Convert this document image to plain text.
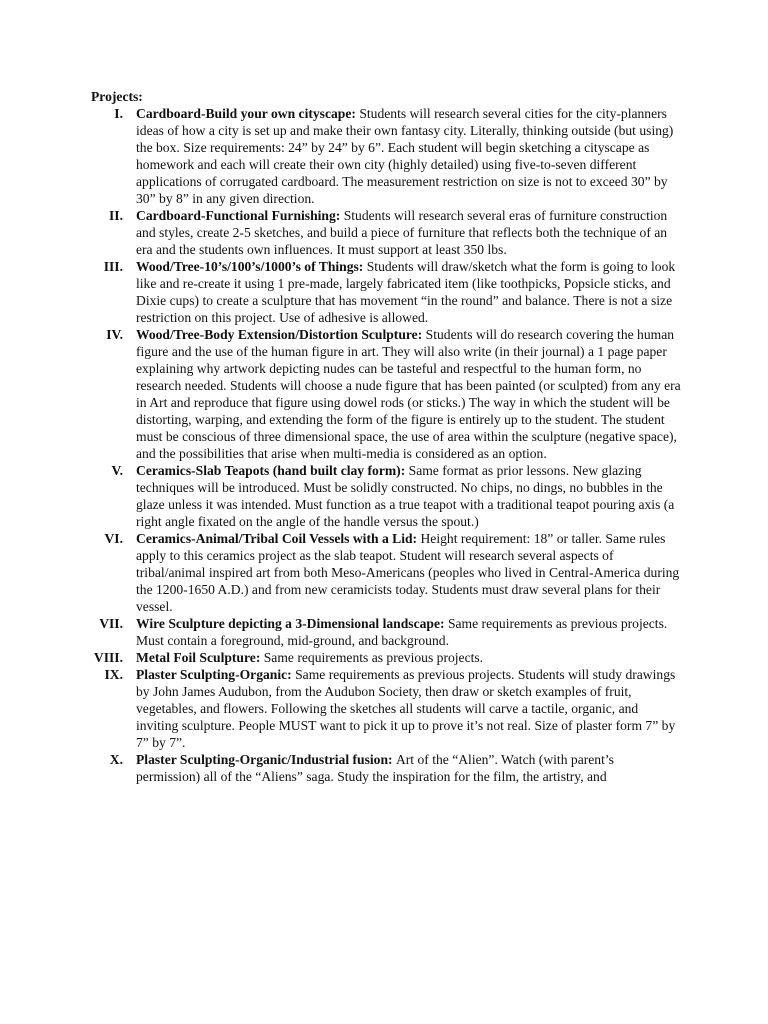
Projects:

I. Cardboard-Build your own cityscape: Students will research several cities for the city-planners ideas of how a city is set up and make their own fantasy city. Literally, thinking outside (but using) the box. Size requirements: 24” by 24” by 6”. Each student will begin sketching a cityscape as homework and each will create their own city (highly detailed) using five-to-seven different applications of corrugated cardboard. The measurement restriction on size is not to exceed 30” by 30” by 8” in any given direction.
II. Cardboard-Functional Furnishing: Students will research several eras of furniture construction and styles, create 2-5 sketches, and build a piece of furniture that reflects both the technique of an era and the students own influences. It must support at least 350 lbs.
III. Wood/Tree-10’s/100’s/1000’s of Things: Students will draw/sketch what the form is going to look like and re-create it using 1 pre-made, largely fabricated item (like toothpicks, Popsicle sticks, and Dixie cups) to create a sculpture that has movement “in the round” and balance. There is not a size restriction on this project. Use of adhesive is allowed.
IV. Wood/Tree-Body Extension/Distortion Sculpture: Students will do research covering the human figure and the use of the human figure in art. They will also write (in their journal) a 1 page paper explaining why artwork depicting nudes can be tasteful and respectful to the human form, no research needed. Students will choose a nude figure that has been painted (or sculpted) from any era in Art and reproduce that figure using dowel rods (or sticks.) The way in which the student will be distorting, warping, and extending the form of the figure is entirely up to the student. The student must be conscious of three dimensional space, the use of area within the sculpture (negative space), and the possibilities that arise when multi-media is considered as an option.
V. Ceramics-Slab Teapots (hand built clay form): Same format as prior lessons. New glazing techniques will be introduced. Must be solidly constructed. No chips, no dings, no bubbles in the glaze unless it was intended. Must function as a true teapot with a traditional teapot pouring axis (a right angle fixated on the angle of the handle versus the spout.)
VI. Ceramics-Animal/Tribal Coil Vessels with a Lid: Height requirement: 18” or taller. Same rules apply to this ceramics project as the slab teapot. Student will research several aspects of tribal/animal inspired art from both Meso-Americans (peoples who lived in Central-America during the 1200-1650 A.D.) and from new ceramicists today. Students must draw several plans for their vessel.
VII. Wire Sculpture depicting a 3-Dimensional landscape: Same requirements as previous projects. Must contain a foreground, mid-ground, and background.
VIII. Metal Foil Sculpture: Same requirements as previous projects.
IX. Plaster Sculpting-Organic: Same requirements as previous projects. Students will study drawings by John James Audubon, from the Audubon Society, then draw or sketch examples of fruit, vegetables, and flowers. Following the sketches all students will carve a tactile, organic, and inviting sculpture. People MUST want to pick it up to prove it’s not real. Size of plaster form 7” by 7” by 7”.
X. Plaster Sculpting-Organic/Industrial fusion: Art of the “Alien”. Watch (with parent’s permission) all of the “Aliens” saga. Study the inspiration for the film, the artistry, and
